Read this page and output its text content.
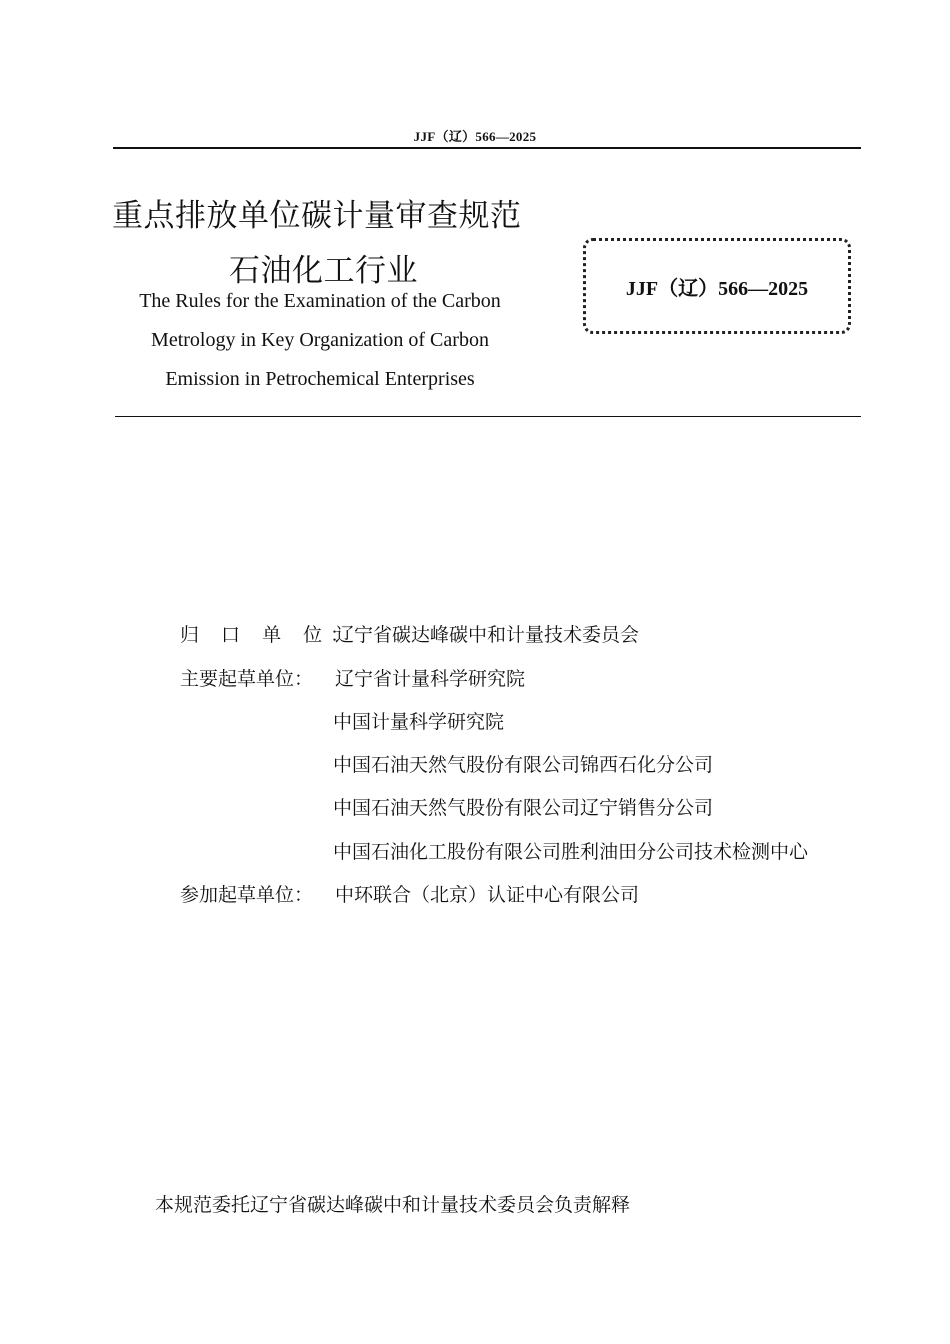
JJF（辽）566—2025
重点排放单位碳计量审查规范
石油化工行业
The Rules for the Examination of the Carbon
Metrology in Key Organization of Carbon
Emission in Petrochemical Enterprises
JJF（辽）566—2025
归 口 单 位：
辽宁省碳达峰碳中和计量技术委员会
主要起草单位： 辽宁省计量科学研究院
中国计量科学研究院
中国石油天然气股份有限公司锦西石化分公司
中国石油天然气股份有限公司辽宁销售分公司
中国石油化工股份有限公司胜利油田分公司技术检测中心
参加起草单位： 中环联合（北京）认证中心有限公司
本规范委托辽宁省碳达峰碳中和计量技术委员会负责解释
